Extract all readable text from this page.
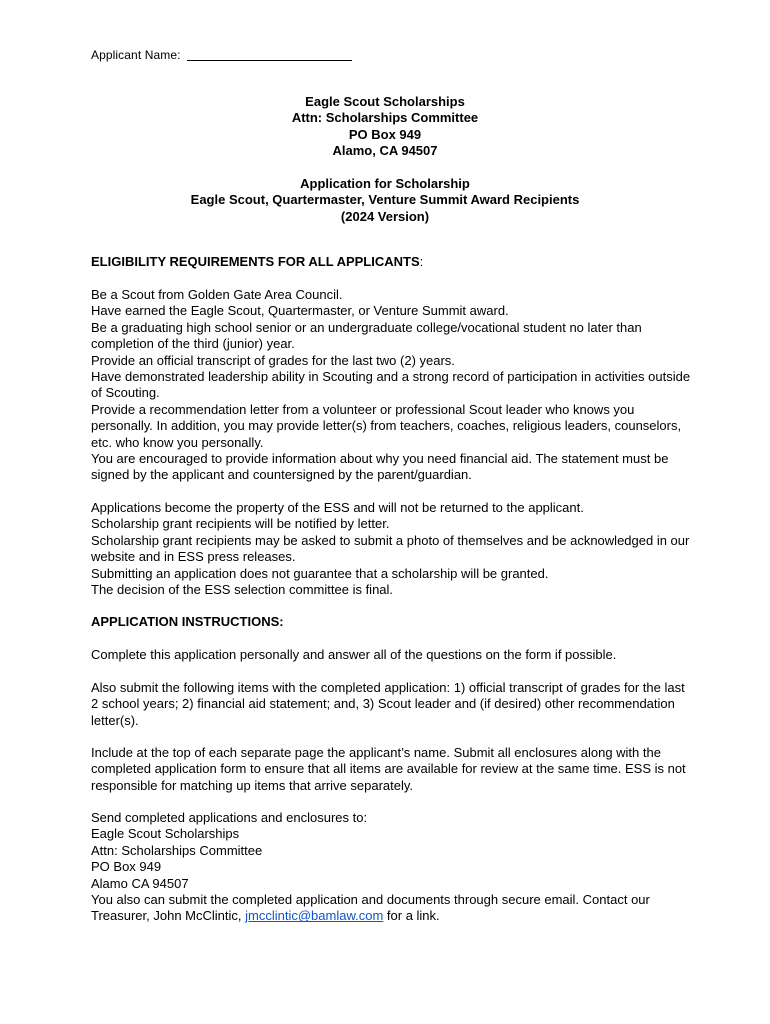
Applicant Name:
Eagle Scout Scholarships
Attn: Scholarships Committee
PO Box 949
Alamo, CA 94507
Application for Scholarship
Eagle Scout, Quartermaster, Venture Summit Award Recipients
(2024 Version)
ELIGIBILITY REQUIREMENTS FOR ALL APPLICANTS:

Be a Scout from Golden Gate Area Council.

Have earned the Eagle Scout, Quartermaster, or Venture Summit award.

Be a graduating high school senior or an undergraduate college/vocational student no later than completion of the third (junior) year.

Provide an official transcript of grades for the last two (2) years.

Have demonstrated leadership ability in Scouting and a strong record of participation in activities outside of Scouting.

Provide a recommendation letter from a volunteer or professional Scout leader who knows you personally. In addition, you may provide letter(s) from teachers, coaches, religious leaders, counselors, etc. who know you personally.

You are encouraged to provide information about why you need financial aid. The statement must be signed by the applicant and countersigned by the parent/guardian.

Applications become the property of the ESS and will not be returned to the applicant.

Scholarship grant recipients will be notified by letter.

Scholarship grant recipients may be asked to submit a photo of themselves and be acknowledged in our website and in ESS press releases.

Submitting an application does not guarantee that a scholarship will be granted.

The decision of the ESS selection committee is final.

APPLICATION INSTRUCTIONS:
Complete this application personally and answer all of the questions on the form if possible.
Also submit the following items with the completed application: 1) official transcript of grades for the last 2 school years; 2) financial aid statement; and, 3) Scout leader and (if desired) other recommendation letter(s).
Include at the top of each separate page the applicant’s name. Submit all enclosures along with the completed application form to ensure that all items are available for review at the same time. ESS is not responsible for matching up items that arrive separately.

Send completed applications and enclosures to:

Eagle Scout Scholarships

Attn: Scholarships Committee

PO Box 949

Alamo CA 94507

You also can submit the completed application and documents through secure email. Contact our Treasurer, John McClintic, jmcclintic@bamlaw.com for a link.
